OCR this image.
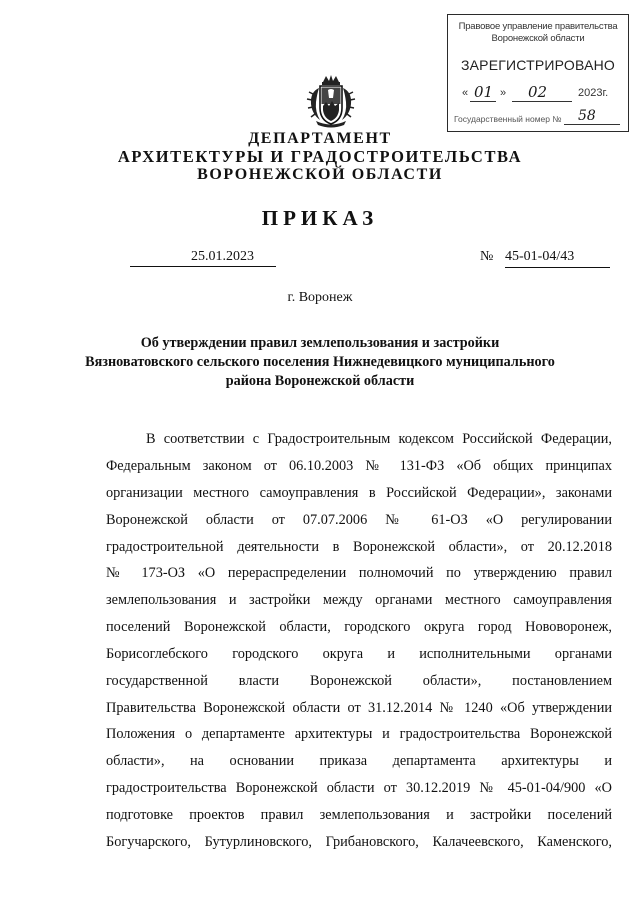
Правовое управление правительства
Воронежской области
ЗАРЕГИСТРИРОВАНО
« 01 » 02	2023г.
Государственный номер № 58
ДЕПАРТАМЕНТ
АРХИТЕКТУРЫ И ГРАДОСТРОИТЕЛЬСТВА
ВОРОНЕЖСКОЙ ОБЛАСТИ
ПРИКАЗ
25.01.2023	№ 45-01-04/43
г. Воронеж
Об утверждении правил землепользования и застройки
Вязноватовского сельского поселения Нижнедевицкого муниципального
района Воронежской области
В соответствии с Градостроительным кодексом Российской Федерации,
Федеральным законом от 06.10.2003 № 131-ФЗ «Об общих принципах
организации местного самоуправления в Российской Федерации», законами
Воронежской области от 07.07.2006 № 61-ОЗ «О регулировании
градостроительной деятельности в Воронежской области», от 20.12.2018
№ 173-ОЗ «О перераспределении полномочий по утверждению правил
землепользования и застройки между органами местного самоуправления
поселений Воронежской области, городского округа город Нововоронеж,
Борисоглебского городского округа и исполнительными органами
государственной власти Воронежской области», постановлением
Правительства Воронежской области от 31.12.2014 № 1240 «Об утверждении
Положения о департаменте архитектуры и градостроительства Воронежской
области», на основании приказа департамента архитектуры и
градостроительства Воронежской области от 30.12.2019 № 45-01-04/900 «О
подготовке проектов правил землепользования и застройки поселений
Богучарского, Бутурлиновского, Грибановского, Калачеевского, Каменского,
